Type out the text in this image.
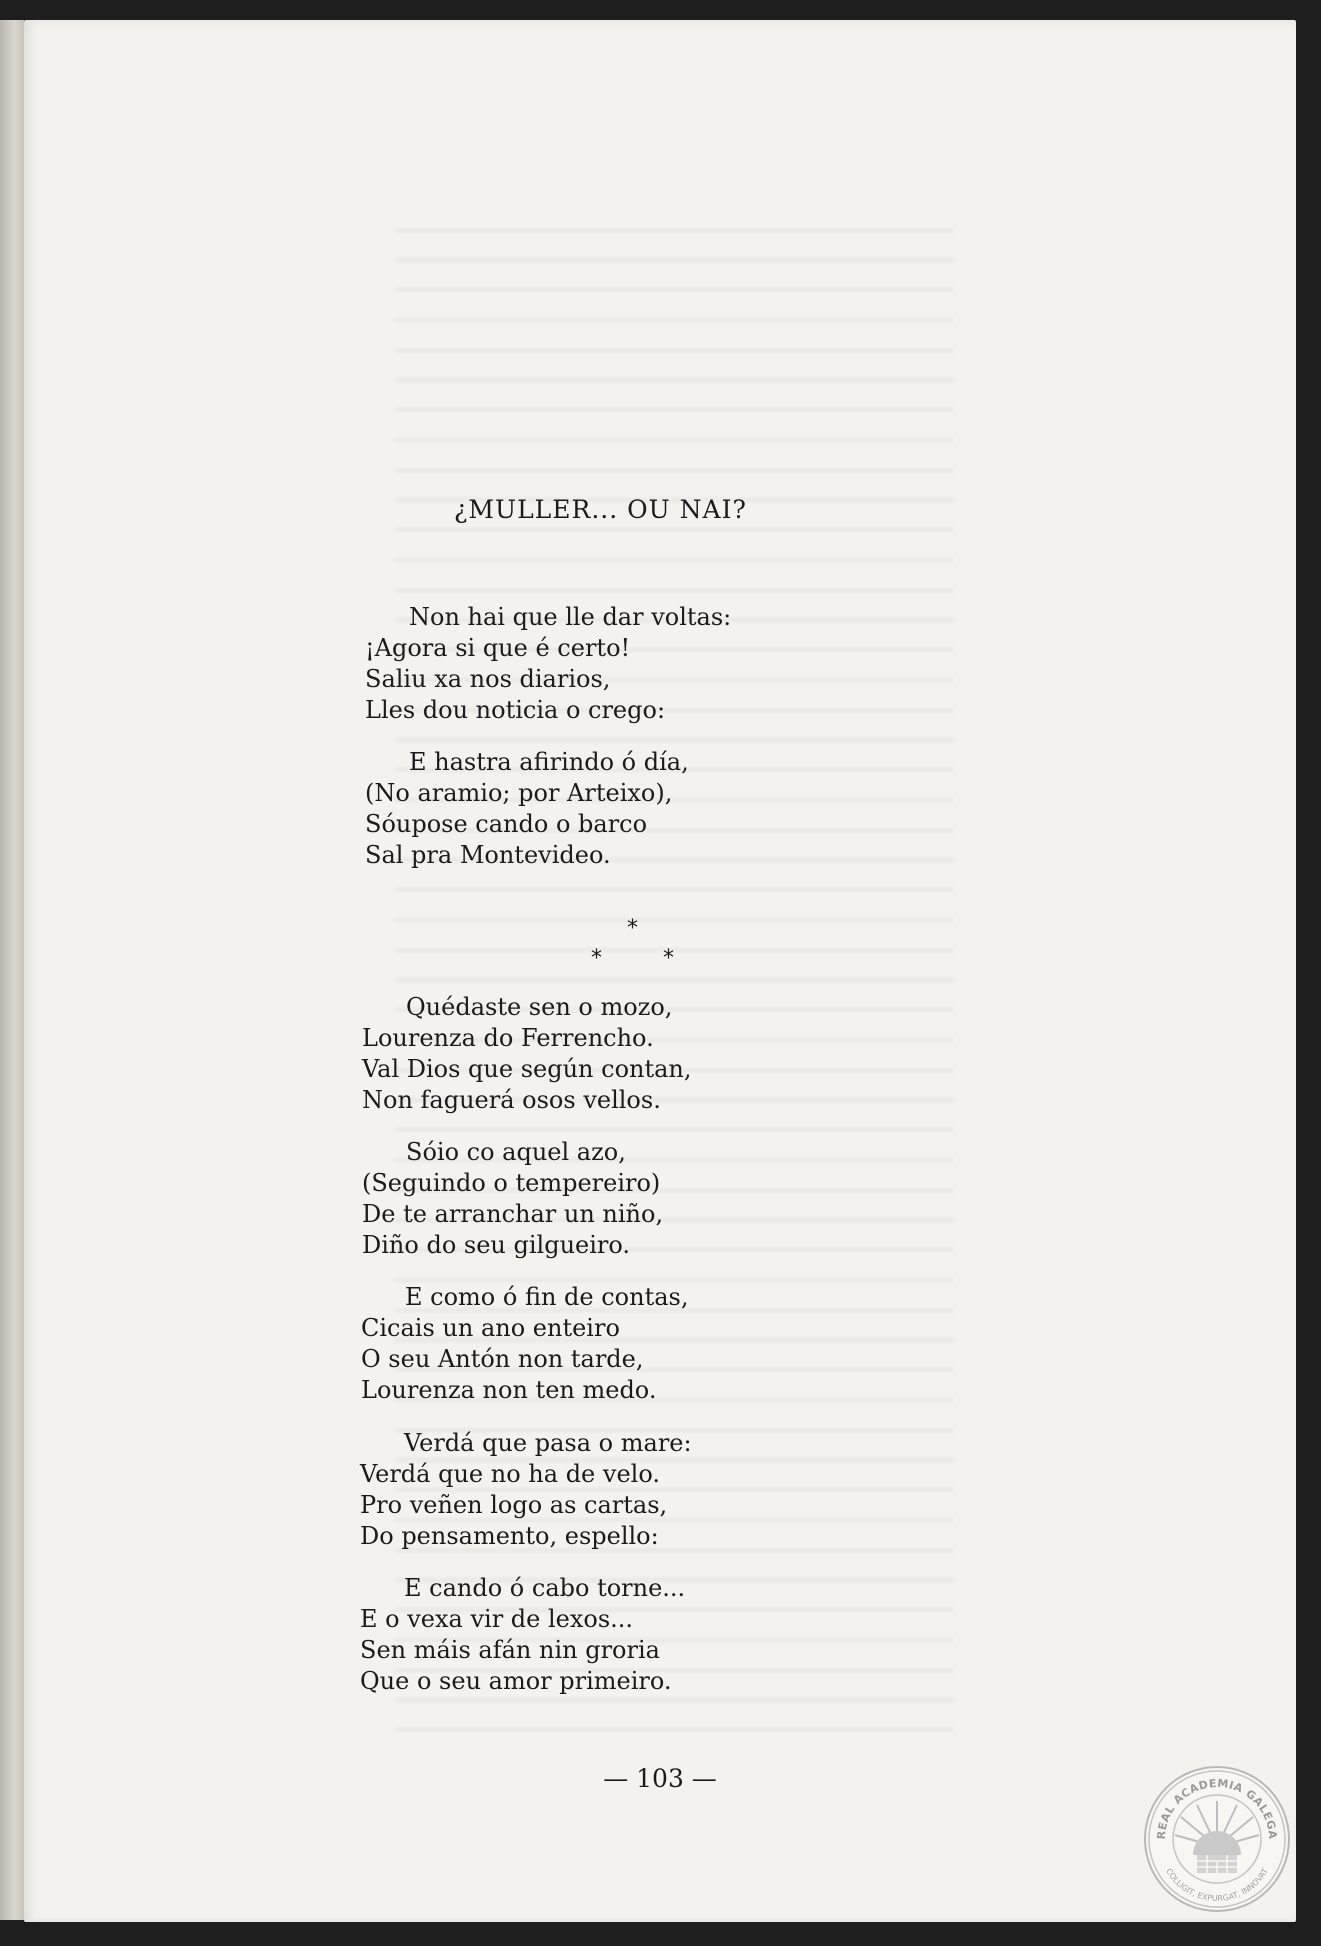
¿MULLER... OU NAI?
Non hai que lle dar voltas:
¡Agora si que é certo!
Saliu xa nos diarios,
Lles dou noticia o crego:
E hastra afirindo ó día,
(No aramio; por Arteixo),
Sóupose cando o barco
Sal pra Montevideo.
*
*	*
Quédaste sen o mozo,
Lourenza do Ferrencho.
Val Dios que según contan,
Non faguerá osos vellos.
Sóio co aquel azo,
(Seguindo o tempereiro)
De te arranchar un niño,
Diño do seu gilgueiro.
E como ó fin de contas,
Cicais un ano enteiro
O seu Antón non tarde,
Lourenza non ten medo.
Verdá que pasa o mare:
Verdá que no ha de velo.
Pro veñen logo as cartas,
Do pensamento, espello:
E cando ó cabo torne...
E o vexa vir de lexos...
Sen máis afán nin groria
Que o seu amor primeiro.
— 103 —
REAL ACADEMIA GALEGA
COLLIGIT, EXPURGAT, INNOVAT
